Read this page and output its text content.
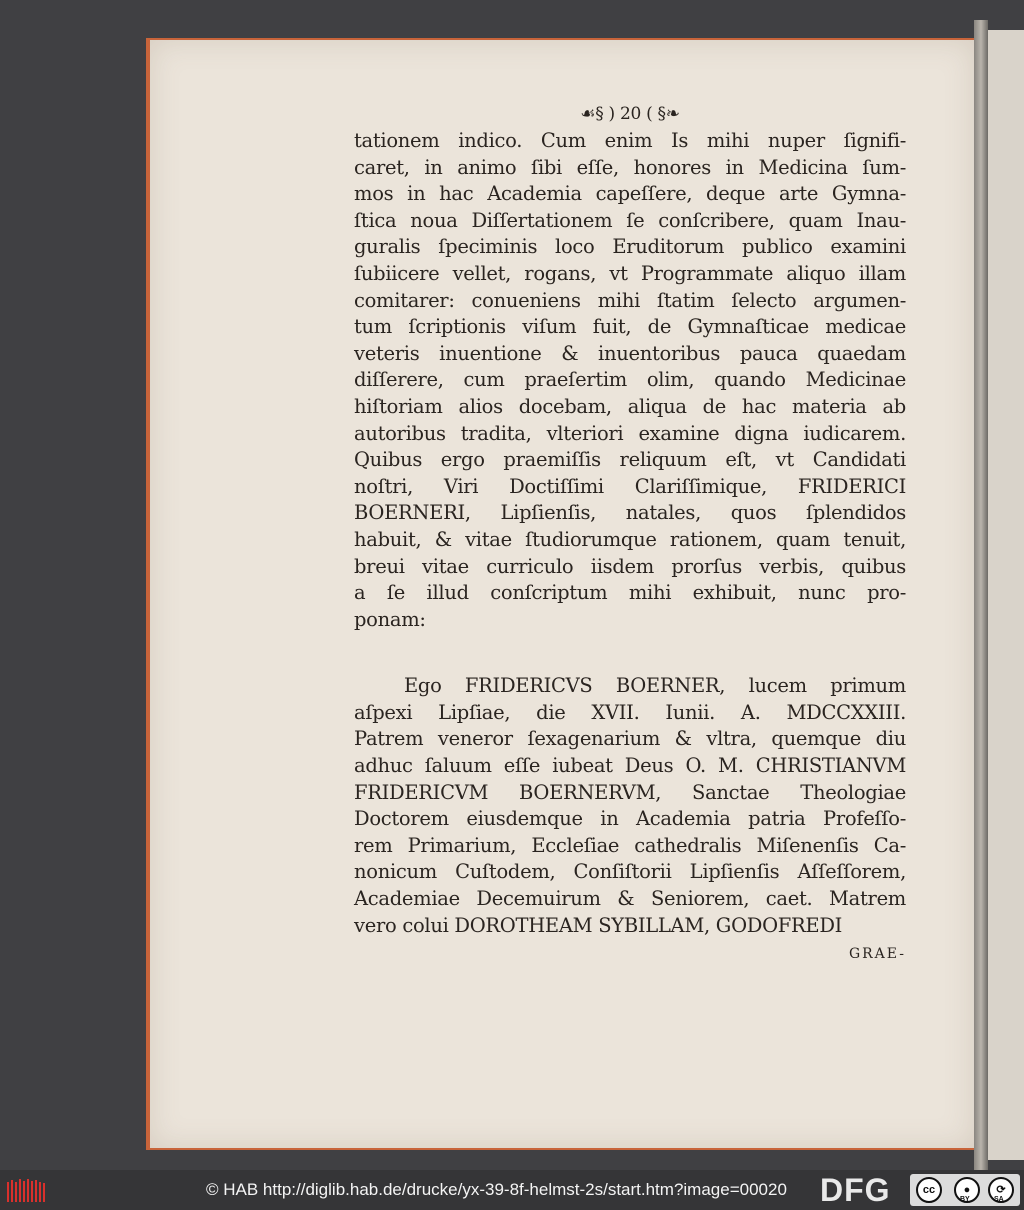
☙§ ) 20 ( §❧
tationem indico. Cum enim Is mihi nuper ſignifi-
caret, in animo ſibi eſſe, honores in Medicina ſum-
mos in hac Academia capeſſere, deque arte Gymna-
ſtica noua Diſſertationem ſe conſcribere, quam Inau-
guralis ſpeciminis loco Eruditorum publico examini
ſubiicere vellet, rogans, vt Programmate aliquo illam
comitarer: conueniens mihi ſtatim ſelecto argumen-
tum ſcriptionis viſum fuit, de Gymnaſticae medicae
veteris inuentione & inuentoribus pauca quaedam
diſſerere, cum praeſertim olim, quando Medicinae
hiſtoriam alios docebam, aliqua de hac materia ab
autoribus tradita, vlteriori examine digna iudicarem.
Quibus ergo praemiſſis reliquum eſt, vt Candidati
noſtri, Viri Doctiſſimi Clariſſimique, FRIDERICI
BOERNERI, Lipſienſis, natales, quos ſplendidos
habuit, & vitae ſtudiorumque rationem, quam tenuit,
breui vitae curriculo iisdem prorſus verbis, quibus
a ſe illud conſcriptum mihi exhibuit, nunc pro-
ponam:
Ego FRIDERICVS BOERNER, lucem primum
aſpexi Lipſiae, die XVII. Iunii. A. MDCCXXIII.
Patrem veneror ſexagenarium & vltra, quemque diu
adhuc ſaluum eſſe iubeat Deus O. M. CHRISTIANVM
FRIDERICVM BOERNERVM, Sanctae Theologiae
Doctorem eiusdemque in Academia patria Profeſſo-
rem Primarium, Eccleſiae cathedralis Miſenenſis Ca-
nonicum Cuſtodem, Conſiſtorii Lipſienſis Aſſeſſorem,
Academiae Decemuirum & Seniorem, caet. Matrem
vero colui DOROTHEAM SYBILLAM, GODOFREDI
GRAE-
© HAB http://diglib.hab.de/drucke/yx-39-8f-helmst-2s/start.htm?image=00020 DFG	cc	●	⟳
BY	SA
